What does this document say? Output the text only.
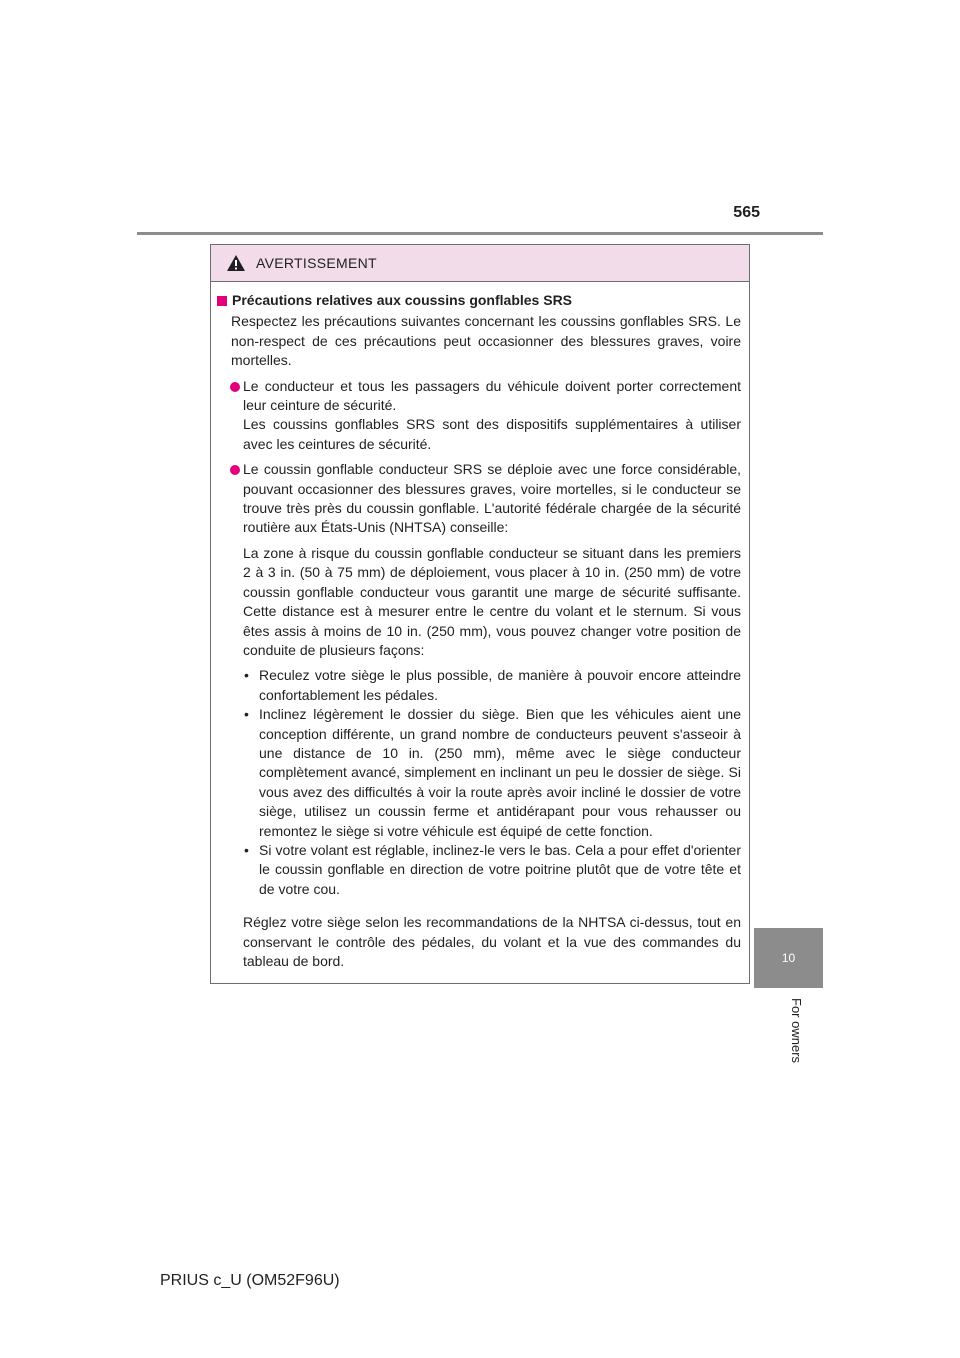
565
AVERTISSEMENT
Précautions relatives aux coussins gonflables SRS

Respectez les précautions suivantes concernant les coussins gonflables SRS. Le non-respect de ces précautions peut occasionner des blessures graves, voire mortelles.

Le conducteur et tous les passagers du véhicule doivent porter correctement leur ceinture de sécurité.
Les coussins gonflables SRS sont des dispositifs supplémentaires à utiliser avec les ceintures de sécurité.
Le coussin gonflable conducteur SRS se déploie avec une force considérable, pouvant occasionner des blessures graves, voire mortelles, si le conducteur se trouve très près du coussin gonflable. L'autorité fédérale chargée de la sécurité routière aux États-Unis (NHTSA) conseille:

La zone à risque du coussin gonflable conducteur se situant dans les premiers 2 à 3 in. (50 à 75 mm) de déploiement, vous placer à 10 in. (250 mm) de votre coussin gonflable conducteur vous garantit une marge de sécurité suffisante. Cette distance est à mesurer entre le centre du volant et le sternum. Si vous êtes assis à moins de 10 in. (250 mm), vous pouvez changer votre position de conduite de plusieurs façons:

• Reculez votre siège le plus possible, de manière à pouvoir encore atteindre confortablement les pédales.
• Inclinez légèrement le dossier du siège. Bien que les véhicules aient une conception différente, un grand nombre de conducteurs peuvent s'asseoir à une distance de 10 in. (250 mm), même avec le siège conducteur complètement avancé, simplement en inclinant un peu le dossier de siège. Si vous avez des difficultés à voir la route après avoir incliné le dossier de votre siège, utilisez un coussin ferme et antidérapant pour vous rehausser ou remontez le siège si votre véhicule est équipé de cette fonction.
• Si votre volant est réglable, inclinez-le vers le bas. Cela a pour effet d'orienter le coussin gonflable en direction de votre poitrine plutôt que de votre tête et de votre cou.

Réglez votre siège selon les recommandations de la NHTSA ci-dessus, tout en conservant le contrôle des pédales, du volant et la vue des commandes du tableau de bord.	10
For owners
PRIUS c_U (OM52F96U)
